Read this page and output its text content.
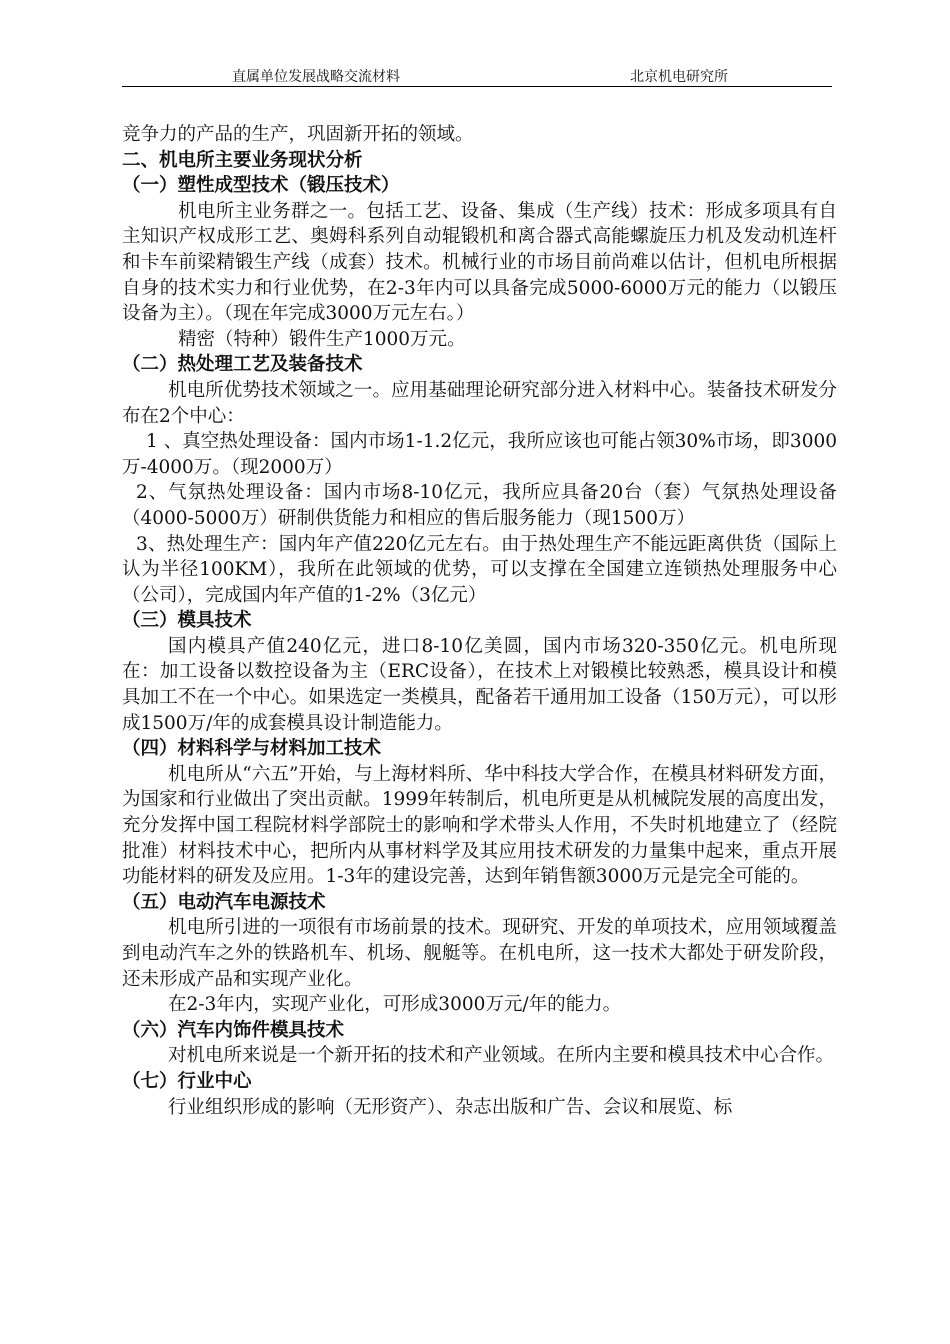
直属单位发展战略交流材料	北京机电研究所

竞争力的产品的生产，巩固新开拓的领域。

二、机电所主要业务现状分析

（一）塑性成型技术（锻压技术）

机电所主业务群之一。包括工艺、设备、集成（生产线）技术：形成多项具有自主知识产权成形工艺、奥姆科系列自动辊锻机和离合器式高能螺旋压力机及发动机连杆和卡车前梁精锻生产线（成套）技术。机械行业的市场目前尚难以估计，但机电所根据自身的技术实力和行业优势，在2-3年内可以具备完成5000-6000万元的能力（以锻压设备为主）。（现在年完成3000万元左右。）

精密（特种）锻件生产1000万元。

（二）热处理工艺及装备技术

机电所优势技术领域之一。应用基础理论研究部分进入材料中心。装备技术研发分布在2个中心：

1 、真空热处理设备：国内市场1-1.2亿元，我所应该也可能占领30%市场，即3000万-4000万。（现2000万）

2、气氛热处理设备：国内市场8-10亿元，我所应具备20台（套）气氛热处理设备（4000-5000万）研制供货能力和相应的售后服务能力（现1500万）

3、热处理生产：国内年产值220亿元左右。由于热处理生产不能远距离供货（国际上认为半径100KM），我所在此领域的优势，可以支撑在全国建立连锁热处理服务中心（公司），完成国内年产值的1-2%（3亿元）

（三）模具技术

国内模具产值240亿元，进口8-10亿美圆，国内市场320-350亿元。机电所现在：加工设备以数控设备为主（ERC设备），在技术上对锻模比较熟悉，模具设计和模具加工不在一个中心。如果选定一类模具，配备若干通用加工设备（150万元），可以形成1500万/年的成套模具设计制造能力。

（四）材料科学与材料加工技术

机电所从“六五”开始，与上海材料所、华中科技大学合作，在模具材料研发方面，为国家和行业做出了突出贡献。1999年转制后，机电所更是从机械院发展的高度出发，充分发挥中国工程院材料学部院士的影响和学术带头人作用，不失时机地建立了（经院批准）材料技术中心，把所内从事材料学及其应用技术研发的力量集中起来，重点开展功能材料的研发及应用。1-3年的建设完善，达到年销售额3000万元是完全可能的。

（五）电动汽车电源技术

机电所引进的一项很有市场前景的技术。现研究、开发的单项技术，应用领域覆盖到电动汽车之外的铁路机车、机场、舰艇等。在机电所，这一技术大都处于研发阶段，还未形成产品和实现产业化。

在2-3年内，实现产业化，可形成3000万元/年的能力。

（六）汽车内饰件模具技术

对机电所来说是一个新开拓的技术和产业领域。在所内主要和模具技术中心合作。

（七）行业中心

行业组织形成的影响（无形资产）、杂志出版和广告、会议和展览、标
